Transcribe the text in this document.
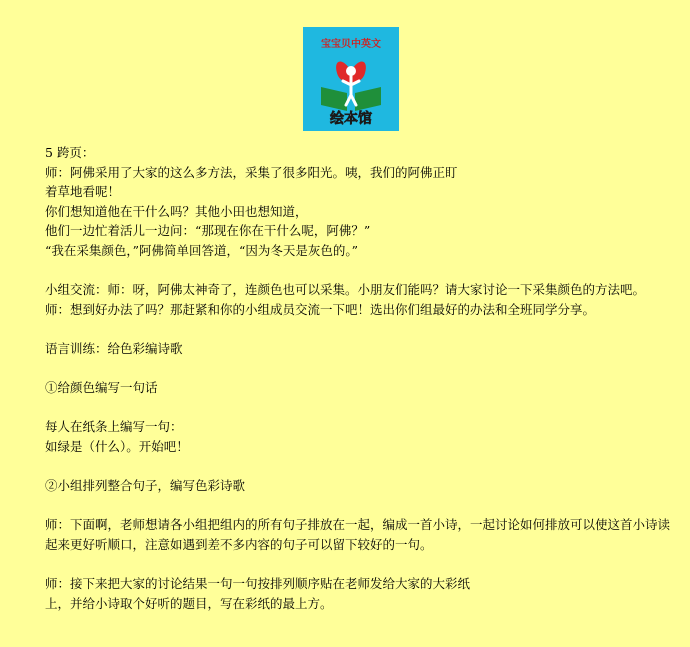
宝宝贝中英文
绘本馆
5 跨页：
师：阿佛采用了大家的这么多方法，采集了很多阳光。咦，我们的阿佛正盯
着草地看呢！
你们想知道他在干什么吗？其他小田也想知道，
他们一边忙着活儿一边问：“那现在你在干什么呢，阿佛？”
“我在采集颜色，”阿佛简单回答道，“因为冬天是灰色的。”
小组交流：师：呀，阿佛太神奇了，连颜色也可以采集。小朋友们能吗？请大家讨论一下采集颜色的方法吧。
师：想到好办法了吗？那赶紧和你的小组成员交流一下吧！选出你们组最好的办法和全班同学分享。
语言训练：给色彩编诗歌
①给颜色编写一句话
每人在纸条上编写一句：
如绿是（什么）。开始吧！
②小组排列整合句子，编写色彩诗歌
师：下面啊，老师想请各小组把组内的所有句子排放在一起，编成一首小诗，一起讨论如何排放可以使这首小诗读起来更好听顺口，注意如遇到差不多内容的句子可以留下较好的一句。
师：接下来把大家的讨论结果一句一句按排列顺序贴在老师发给大家的大彩纸
上，并给小诗取个好听的题目，写在彩纸的最上方。
